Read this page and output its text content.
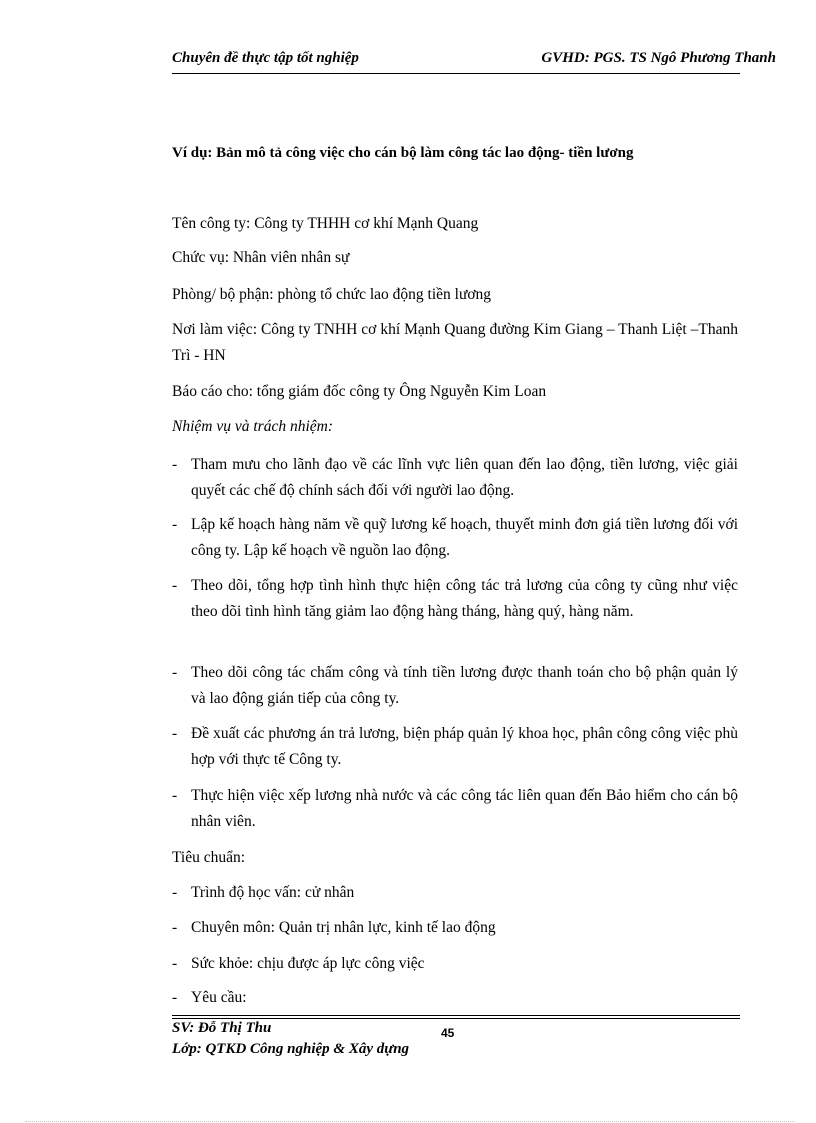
Chuyên đề thực tập tốt nghiệp	GVHD: PGS. TS Ngô Phương Thanh
Ví dụ: Bản mô tả công việc cho cán bộ làm công tác lao động- tiền lương
Tên công ty: Công ty THHH cơ khí Mạnh Quang
Chức vụ: Nhân viên nhân sự
Phòng/ bộ phận: phòng tổ chức lao động tiền lương
Nơi làm việc: Công ty TNHH cơ khí Mạnh Quang đường Kim Giang – Thanh Liệt –Thanh Trì - HN
Báo cáo cho: tổng giám đốc công ty Ông Nguyễn Kim Loan
Nhiệm vụ và trách nhiệm:
- Tham mưu cho lãnh đạo về các lĩnh vực liên quan đến lao động, tiền lương, việc giải quyết các chế độ chính sách đối với người lao động.
- Lập kế hoạch hàng năm về quỹ lương kế hoạch, thuyết minh đơn giá tiền lương đối với công ty. Lập kế hoạch về nguồn lao động.
- Theo dõi, tổng hợp tình hình thực hiện công tác trả lương của công ty cũng như việc theo dõi tình hình tăng giảm lao động hàng tháng, hàng quý, hàng năm.
- Theo dõi công tác chấm công và tính tiền lương được thanh toán cho bộ phận quản lý và lao động gián tiếp của công ty.
- Đề xuất các phương án trả lương, biện pháp quản lý khoa học, phân công công việc phù hợp với thực tế Công ty.
- Thực hiện việc xếp lương nhà nước và các công tác liên quan đến Bảo hiểm cho cán bộ nhân viên.
Tiêu chuẩn:
- Trình độ học vấn: cử nhân
- Chuyên môn: Quản trị nhân lực, kinh tế lao động
- Sức khỏe: chịu được áp lực công việc
- Yêu cầu:
SV: Đỗ Thị Thu	45
Lớp: QTKD Công nghiệp & Xây dựng
